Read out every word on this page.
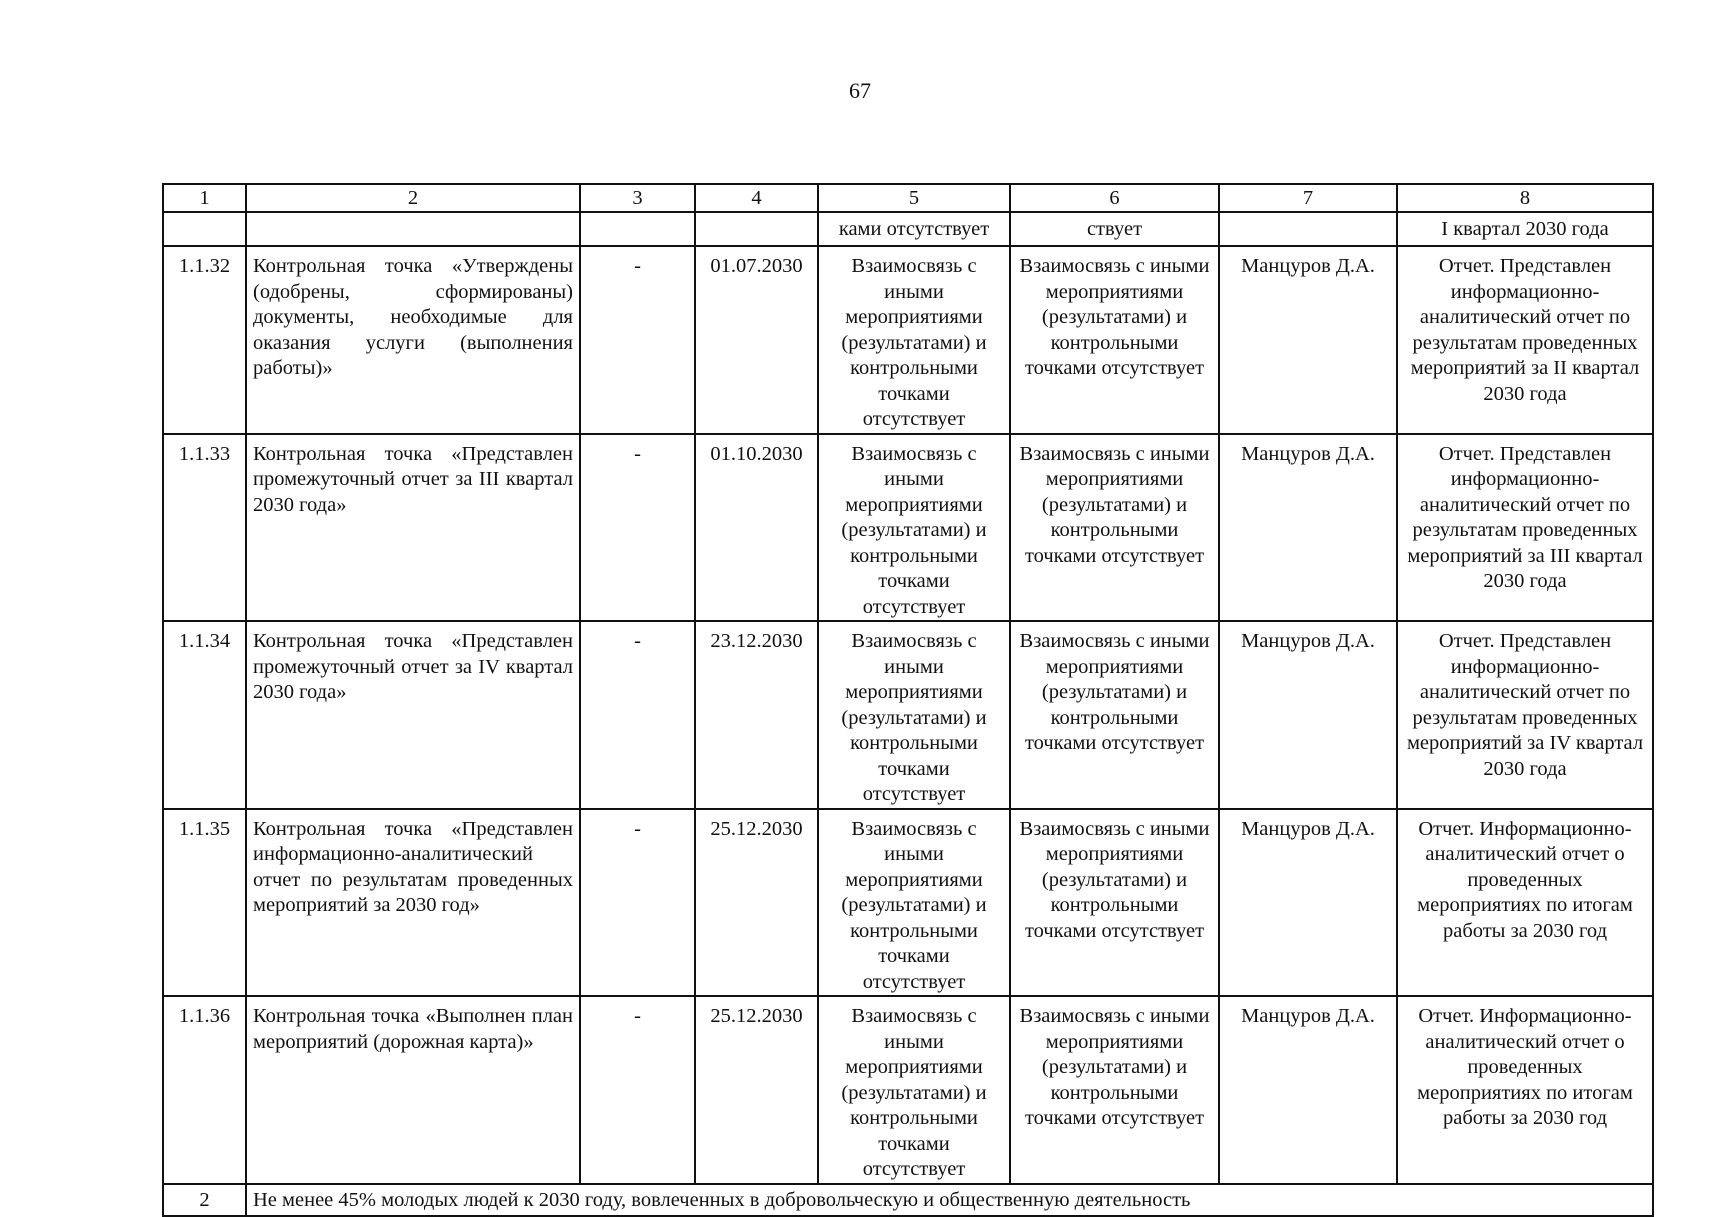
67
1	2	3	4	5	6	7	8
				ками отсутствует	ствует		I квартал 2030 года
1.1.32	Контрольная точка «Утверждены (одобрены, сформированы) документы, необходимые для оказания услуги (выполнения работы)»	-	01.07.2030	Взаимосвязь с иными мероприятиями (результатами) и контрольными точками отсутствует	Взаимосвязь с иными мероприятиями (результатами) и контрольными точками отсутствует	Манцуров Д.А.	Отчет. Представлен информационно-аналитический отчет по результатам проведенных мероприятий за II квартал 2030 года
1.1.33	Контрольная точка «Представлен промежуточный отчет за III квартал 2030 года»	-	01.10.2030	Взаимосвязь с иными мероприятиями (результатами) и контрольными точками отсутствует	Взаимосвязь с иными мероприятиями (результатами) и контрольными точками отсутствует	Манцуров Д.А.	Отчет. Представлен информационно-аналитический отчет по результатам проведенных мероприятий за III квартал 2030 года
1.1.34	Контрольная точка «Представлен промежуточный отчет за IV квартал 2030 года»	-	23.12.2030	Взаимосвязь с иными мероприятиями (результатами) и контрольными точками отсутствует	Взаимосвязь с иными мероприятиями (результатами) и контрольными точками отсутствует	Манцуров Д.А.	Отчет. Представлен информационно-аналитический отчет по результатам проведенных мероприятий за IV квартал 2030 года
1.1.35	Контрольная точка «Представлен информационно-аналитический отчет по результатам проведенных мероприятий за 2030 год»	-	25.12.2030	Взаимосвязь с иными мероприятиями (результатами) и контрольными точками отсутствует	Взаимосвязь с иными мероприятиями (результатами) и контрольными точками отсутствует	Манцуров Д.А.	Отчет. Информационно-аналитический отчет о проведенных мероприятиях по итогам работы за 2030 год
1.1.36	Контрольная точка «Выполнен план мероприятий (дорожная карта)»	-	25.12.2030	Взаимосвязь с иными мероприятиями (результатами) и контрольными точками отсутствует	Взаимосвязь с иными мероприятиями (результатами) и контрольными точками отсутствует	Манцуров Д.А.	Отчет. Информационно-аналитический отчет о проведенных мероприятиях по итогам работы за 2030 год
2	Не менее 45% молодых людей к 2030 году, вовлеченных в добровольческую и общественную деятельность						
